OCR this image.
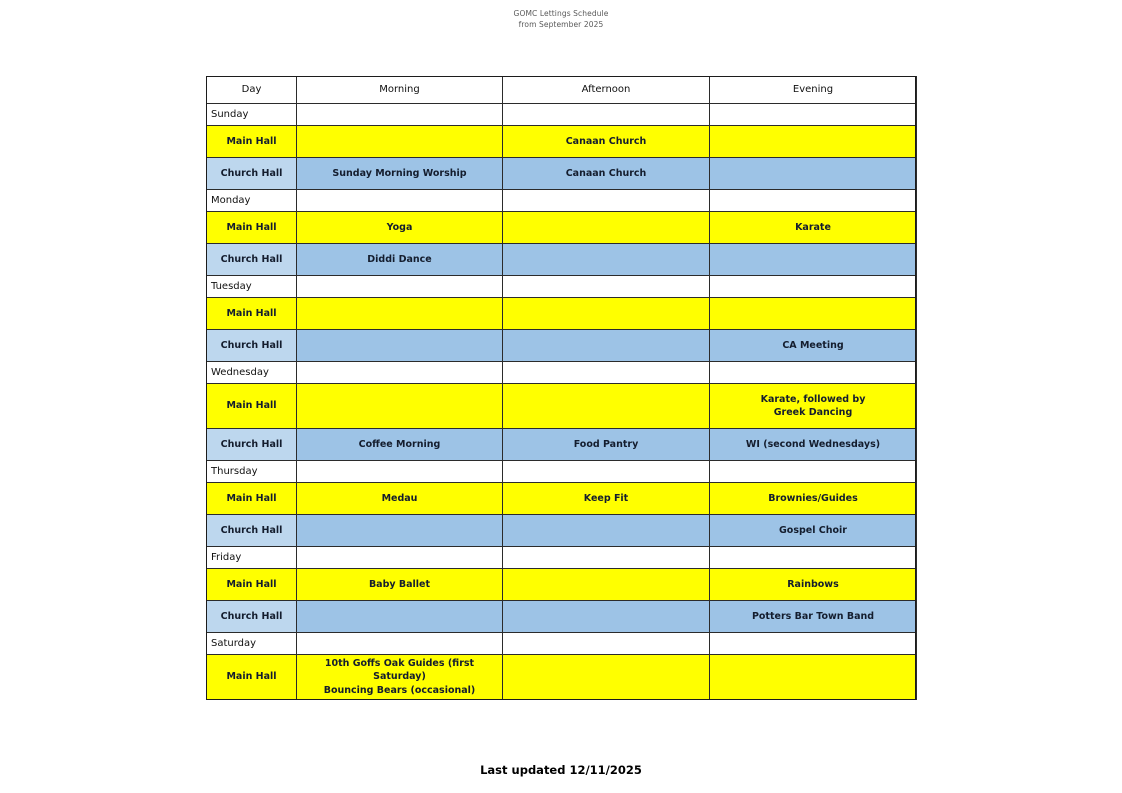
GOMC Lettings Schedule
from September 2025
Day	Morning	Afternoon	Evening
Sunday			
Main Hall		Canaan Church	
Church Hall	Sunday Morning Worship	Canaan Church	
Monday			
Main Hall	Yoga		Karate
Church Hall	Diddi Dance		
Tuesday			
Main Hall			
Church Hall			CA Meeting
Wednesday			
Main Hall			Karate, followed by
Greek Dancing

Church Hall	Coffee Morning	Food Pantry	WI (second Wednesdays)
Thursday			
Main Hall	Medau	Keep Fit	Brownies/Guides
Church Hall			Gospel Choir
Friday			
Main Hall	Baby Ballet		Rainbows
Church Hall			Potters Bar Town Band
Saturday			
Main Hall	10th Goffs Oak Guides (first Saturday)
Bouncing Bears (occasional)		

Last updated 12/11/2025
